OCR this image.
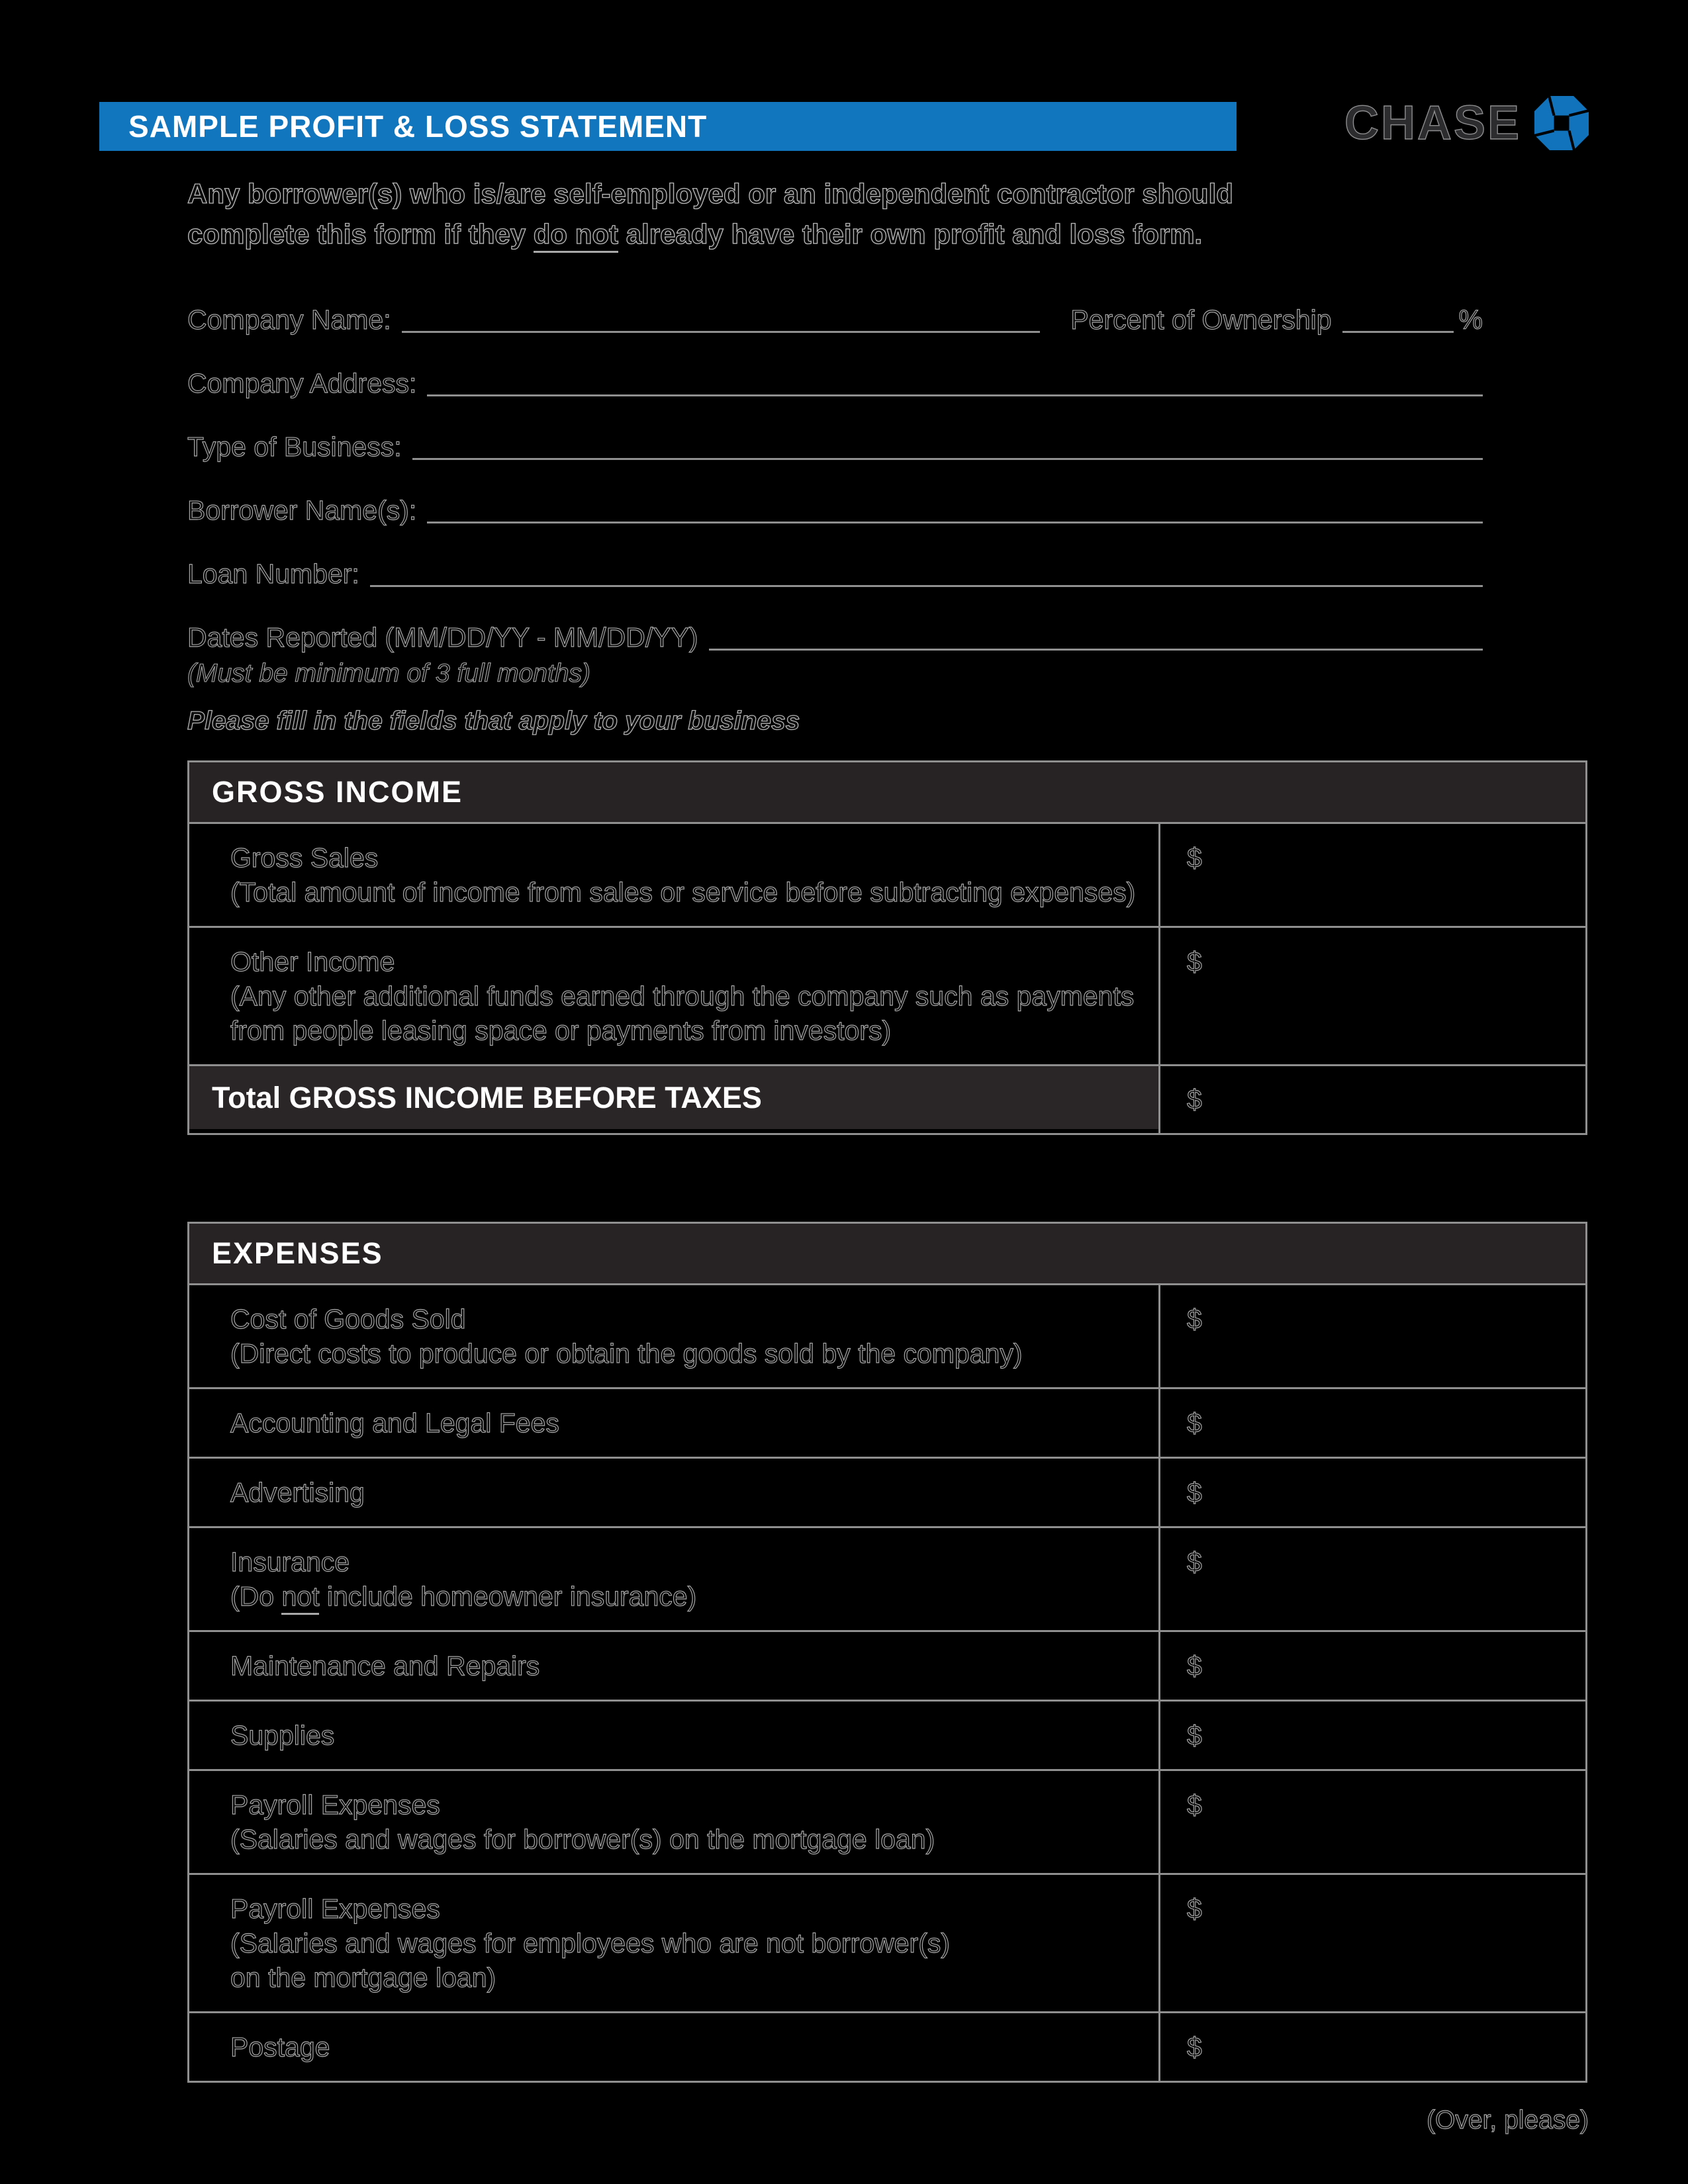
SAMPLE PROFIT & LOSS STATEMENT	CHASE
Any borrower(s) who is/are self-employed or an independent contractor should
complete this form if they do not already have their own profit and loss form.
Company Name:	Percent of Ownership	%
Company Address:
Type of Business:
Borrower Name(s):
Loan Number:
Dates Reported (MM/DD/YY - MM/DD/YY)
(Must be minimum of 3 full months)
Please fill in the fields that apply to your business
GROSS INCOME
Gross Sales
(Total amount of income from sales or service before subtracting expenses)
$
Other Income
(Any other additional funds earned through the company such as payments
from people leasing space or payments from investors)
$
Total GROSS INCOME BEFORE TAXES	$
EXPENSES
Cost of Goods Sold
(Direct costs to produce or obtain the goods sold by the company)
$
Accounting and Legal Fees	$
Advertising	$
Insurance
(Do not include homeowner insurance)
$
Maintenance and Repairs	$
Supplies	$
Payroll Expenses
(Salaries and wages for borrower(s) on the mortgage loan)
$
Payroll Expenses
(Salaries and wages for employees who are not borrower(s)
on the mortgage loan)
$
Postage	$
(Over, please)
